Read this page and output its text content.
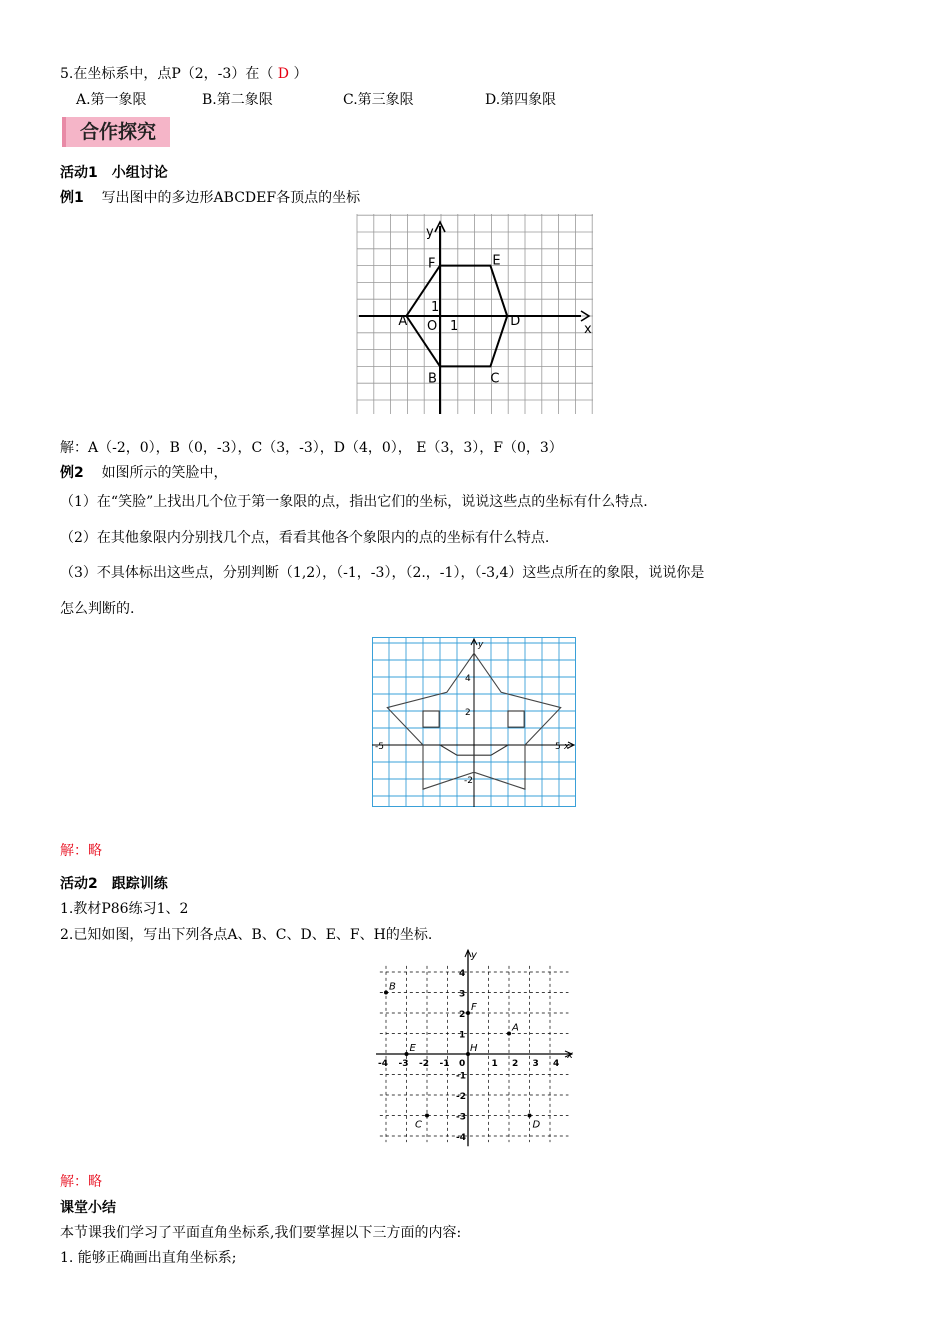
5.在坐标系中，点P（2，-3）在（ D ）
A.第一象限	B.第二象限	C.第三象限	D.第四象限
合作探究
活动1　小组讨论
例1 写出图中的多边形ABCDEF各顶点的坐标
A
B	C
D
E
F
x
y
O 1
1
解：A（-2，0），B（0，-3），C（3，-3），D（4，0）， E（3，3），F（0，3）
例2 如图所示的笑脸中，
（1）在“笑脸”上找出几个位于第一象限的点，指出它们的坐标，说说这些点的坐标有什么特点.
（2）在其他象限内分别找几个点，看看其他各个象限内的点的坐标有什么特点.
（3）不具体标出这些点，分别判断（1,2），（-1，-3），（2.，-1），（-3,4）这些点所在的象限，说说你是
怎么判断的.
-5	5
4
2
-2
x
y
解：略
活动2　跟踪训练
1.教材P86练习1、2
2.已知如图，写出下列各点A、B、C、D、E、F、H的坐标.
-4 -3 -2 -1	1 2 3 4
4
3
2
1
-1
-2
-3
-4
0
x
y
A
B
C	D
E
F
H
解：略
课堂小结
本节课我们学习了平面直角坐标系,我们要掌握以下三方面的内容:
1. 能够正确画出直角坐标系;
